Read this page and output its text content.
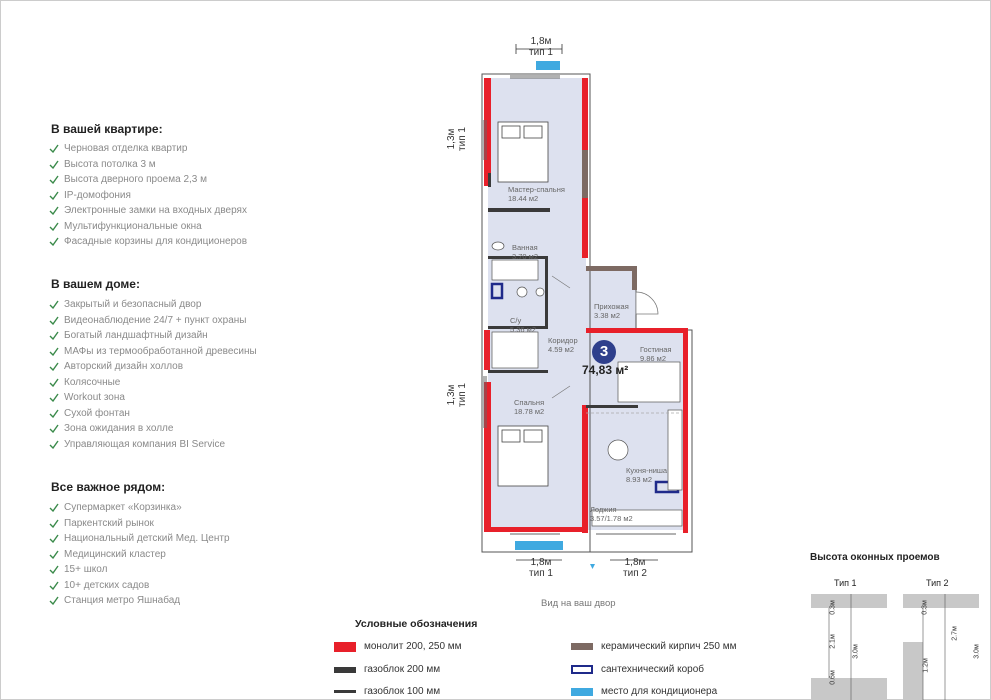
В вашей квартире:
Черновая отделка квартир
Высота потолка 3 м
Высота дверного проема 2,3 м
IP-домофония
Электронные замки на входных дверях
Мультифункциональные окна
Фасадные корзины для кондиционеров
В вашем доме:
Закрытый и безопасный двор
Видеонаблюдение 24/7 + пункт охраны
Богатый ландшафтный дизайн
МАФы из термообработанной древесины
Авторский дизайн холлов
Колясочные
Workout зона
Сухой фонтан
Зона ожидания в холле
Управляющая компания BI Service
Все важное рядом:
Супермаркет «Корзинка»
Паркентский рынок
Национальный детский Мед. Центр
Медицинский кластер
15+ школ
10+ детских садов
Станция метро Яшнабад
3
74,83 м²
Мастер-спальня
18.44 м2
Ванная
3.70 м2
Прихожая
3.38 м2
С/у
5.36 м2
Коридор
4.59 м2	Гостиная
9.86 м2
Спальня
18.78 м2
Кухня-ниша
8.93 м2
Лоджия
3.57/1.78 м2
1,8м
тип 1
1,3м
тип 1
1,3м
тип 1
1,8м
тип 1
1,8м
тип 2
Вид на ваш двор
Условные обозначения
монолит 200, 250 мм
газоблок 200 мм
газоблок 100 мм
керамический кирпич 250 мм
сантехнический короб
место для кондиционера
Высота оконных проемов
Тип 1	Тип 2
0.3м
2.1м
0.6м
3.0м
0.3м
2.7м
1.2м
3.0м
